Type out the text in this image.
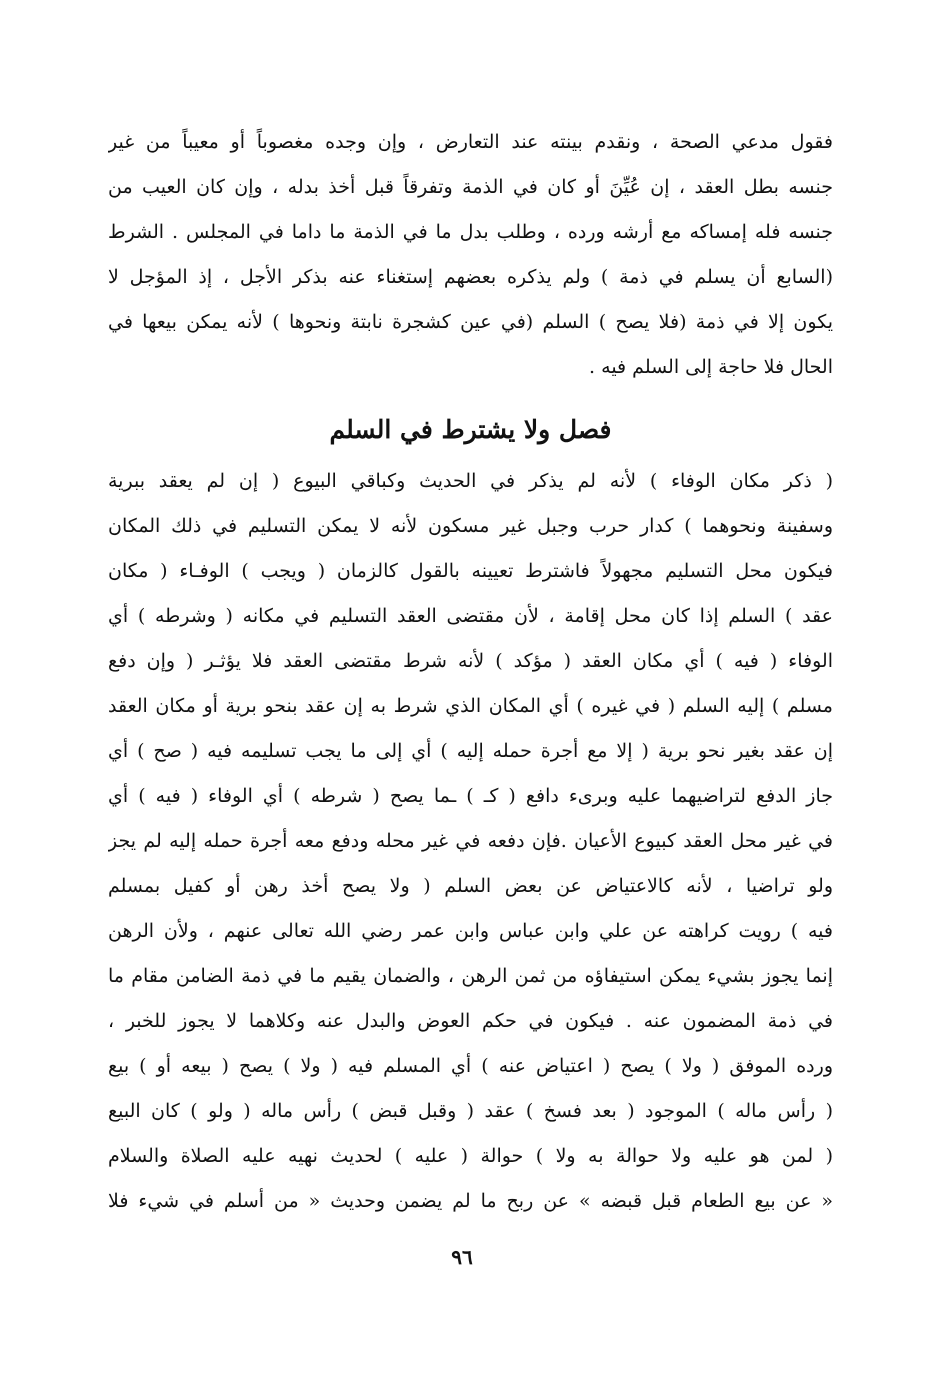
فقول مدعي الصحة ، ونقدم بينته عند التعارض ، وإن وجده مغصوباً أو معيباً من غير
جنسه بطل العقد ، إن عُيِّنَ أو كان في الذمة وتفرقاً قبل أخذ بدله ، وإن كان العيب من
جنسه فله إمساكه مع أرشه ورده ، وطلب بدل ما في الذمة ما داما في المجلس . الشرط
(السابع أن يسلم في ذمة ) ولم يذكره بعضهم إستغناء عنه بذكر الأجل ، إذ المؤجل لا
يكون إلا في ذمة (فلا يصح ) السلم (في عين كشجرة نابتة ونحوها ) لأنه يمكن بيعها في
الحال فلا حاجة إلى السلم فيه .
فصل ولا يشترط في السلم
( ذكر مكان الوفاء ) لأنه لم يذكر في الحديث وكباقي البيوع ( إن لم يعقد ببرية
وسفينة ونحوهما ) كدار حرب وجبل غير مسكون لأنه لا يمكن التسليم في ذلك المكان
فيكون محل التسليم مجهولاً فاشترط تعيينه بالقول كالزمان ( ويجب ) الوفـاء ( مكان
عقد ) السلم إذا كان محل إقامة ، لأن مقتضى العقد التسليم في مكانه ( وشرطه ) أي
الوفاء ( فيه ) أي مكان العقد ( مؤكد ) لأنه شرط مقتضى العقد فلا يؤثـر ( وإن دفع
مسلم ) إليه السلم ( في غيره ) أي المكان الذي شرط به إن عقد بنحو برية أو مكان العقد
إن عقد بغير نحو برية ( إلا مع أجرة حمله إليه ) أي إلى ما يجب تسليمه فيه ( صح ) أي
جاز الدفع لتراضيهما عليه وبرىء دافع ( كـ ) ـما يصح ( شرطه ) أي الوفاء ( فيه ) أي
في غير محل العقد كبيوع الأعيان .فإن دفعه في غير محله ودفع معه أجرة حمله إليه لم يجز
ولو تراضيا ، لأنه كالاعتياض عن بعض السلم ( ولا يصح أخذ رهن أو كفيل بمسلم
فيه ) رويت كراهته عن علي وابن عباس وابن عمر رضي الله تعالى عنهم ، ولأن الرهن
إنما يجوز بشيء يمكن استيفاؤه من ثمن الرهن ، والضمان يقيم ما في ذمة الضامن مقام ما
في ذمة المضمون عنه . فيكون في حكم العوض والبدل عنه وكلاهما لا يجوز للخبر ،
ورده الموفق ( ولا ) يصح ( اعتياض عنه ) أي المسلم فيه ( ولا ) يصح ( بيعه أو ) بيع
( رأس ماله ) الموجود ( بعد فسخ ) عقد ( وقبل قبض ) رأس ماله ( ولو ) كان البيع
( لمن هو عليه ولا حوالة به ولا ) حوالة ( عليه ) لحديث نهيه عليه الصلاة والسلام
« عن بيع الطعام قبل قبضه » عن ربح ما لم يضمن وحديث « من أسلم في شيء فلا
٩٦
